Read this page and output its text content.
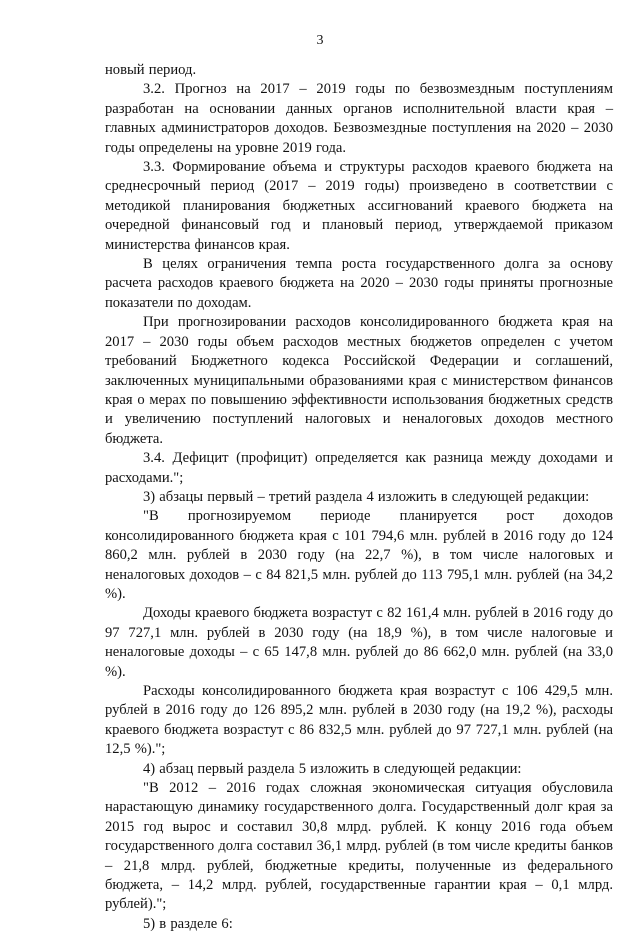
3

новый период.

3.2. Прогноз на 2017 – 2019 годы по безвозмездным поступлениям разработан на основании данных органов исполнительной власти края – главных администраторов доходов. Безвозмездные поступления на 2020 – 2030 годы определены на уровне 2019 года.

3.3. Формирование объема и структуры расходов краевого бюджета на среднесрочный период (2017 – 2019 годы) произведено в соответствии с методикой планирования бюджетных ассигнований краевого бюджета на очередной финансовый год и плановый период, утверждаемой приказом министерства финансов края.

В целях ограничения темпа роста государственного долга за основу расчета расходов краевого бюджета на 2020 – 2030 годы приняты прогнозные показатели по доходам.

При прогнозировании расходов консолидированного бюджета края на 2017 – 2030 годы объем расходов местных бюджетов определен с учетом требований Бюджетного кодекса Российской Федерации и соглашений, заключенных муниципальными образованиями края с министерством финансов края о мерах по повышению эффективности использования бюджетных средств и увеличению поступлений налоговых и неналоговых доходов местного бюджета.

3.4. Дефицит (профицит) определяется как разница между доходами и расходами.";

3) абзацы первый – третий раздела 4 изложить в следующей редакции:

"В прогнозируемом периоде планируется рост доходов консолидированного бюджета края с 101 794,6 млн. рублей в 2016 году до 124 860,2 млн. рублей в 2030 году (на 22,7 %), в том числе налоговых и неналоговых доходов – с 84 821,5 млн. рублей до 113 795,1 млн. рублей (на 34,2 %).

Доходы краевого бюджета возрастут с 82 161,4 млн. рублей в 2016 году до 97 727,1 млн. рублей в 2030 году (на 18,9 %), в том числе налоговые и неналоговые доходы – с 65 147,8 млн. рублей до 86 662,0 млн. рублей (на 33,0 %).

Расходы консолидированного бюджета края возрастут с 106 429,5 млн. рублей в 2016 году до 126 895,2 млн. рублей в 2030 году (на 19,2 %), расходы краевого бюджета возрастут с 86 832,5 млн. рублей до 97 727,1 млн. рублей (на 12,5 %).";

4) абзац первый раздела 5 изложить в следующей редакции:

"В 2012 – 2016 годах сложная экономическая ситуация обусловила нарастающую динамику государственного долга. Государственный долг края за 2015 год вырос и составил 30,8 млрд. рублей. К концу 2016 года объем государственного долга составил 36,1 млрд. рублей (в том числе кредиты банков – 21,8 млрд. рублей, бюджетные кредиты, полученные из федерального бюджета, – 14,2 млрд. рублей, государственные гарантии края – 0,1 млрд. рублей).";

5) в разделе 6:
